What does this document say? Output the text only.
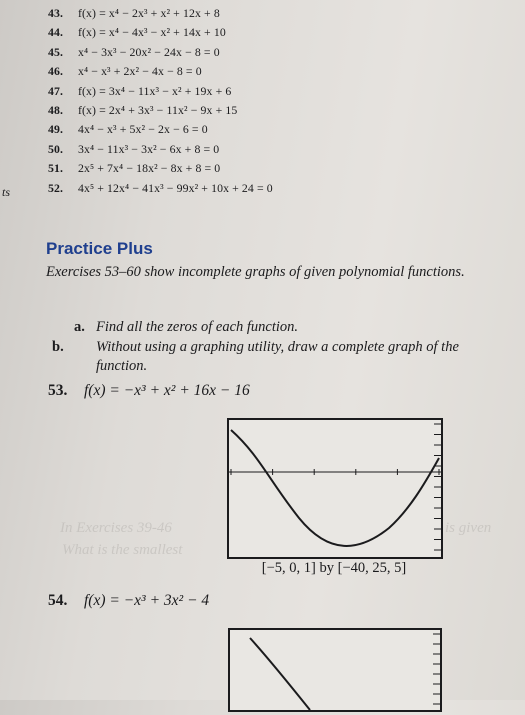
In Exercises 39-46
What is the smallest
is given
ts
43. f(x) = x⁴ − 2x³ + x² + 12x + 8
44. f(x) = x⁴ − 4x³ − x² + 14x + 10
45. x⁴ − 3x³ − 20x² − 24x − 8 = 0
46. x⁴ − x³ + 2x² − 4x − 8 = 0
47. f(x) = 3x⁴ − 11x³ − x² + 19x + 6
48. f(x) = 2x⁴ + 3x³ − 11x² − 9x + 15
49. 4x⁴ − x³ + 5x² − 2x − 6 = 0
50. 3x⁴ − 11x³ − 3x² − 6x + 8 = 0
51. 2x⁵ + 7x⁴ − 18x² − 8x + 8 = 0
52. 4x⁵ + 12x⁴ − 41x³ − 99x² + 10x + 24 = 0
Practice Plus
Exercises 53–60 show incomplete graphs of given polynomial functions.
a. Find all the zeros of each function.
b. Without using a graphing utility, draw a complete graph of the function.
53. f(x) = −x³ + x² + 16x − 16
[−5, 0, 1] by [−40, 25, 5]
54. f(x) = −x³ + 3x² − 4
